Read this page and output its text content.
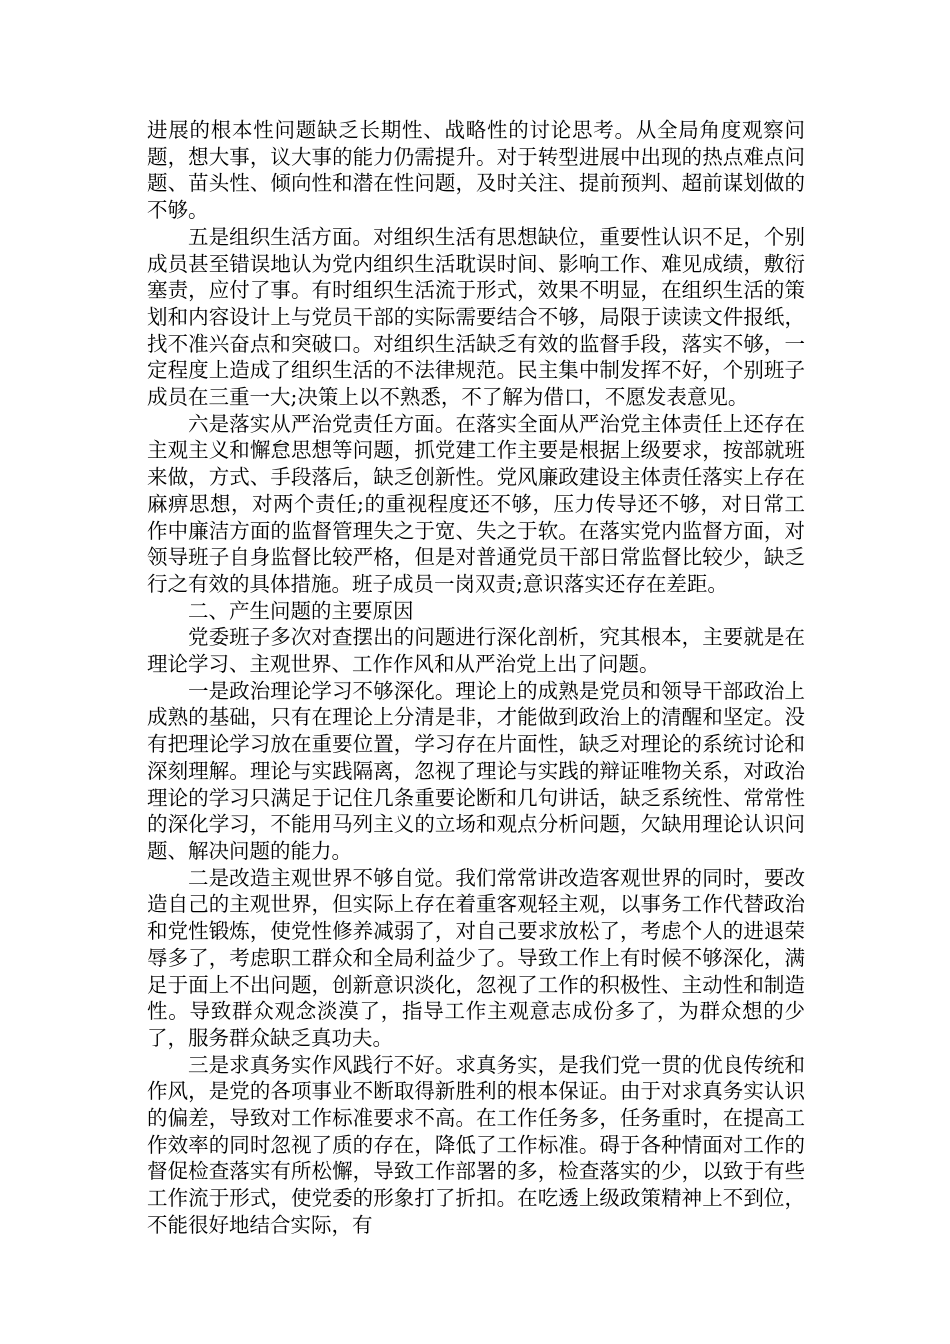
进展的根本性问题缺乏长期性、战略性的讨论思考。从全局角度观察问题，想大事，议大事的能力仍需提升。对于转型进展中出现的热点难点问题、苗头性、倾向性和潜在性问题，及时关注、提前预判、超前谋划做的不够。

五是组织生活方面。对组织生活有思想缺位，重要性认识不足，个别成员甚至错误地认为党内组织生活耽误时间、影响工作、难见成绩，敷衍塞责，应付了事。有时组织生活流于形式，效果不明显，在组织生活的策划和内容设计上与党员干部的实际需要结合不够，局限于读读文件报纸，找不准兴奋点和突破口。对组织生活缺乏有效的监督手段，落实不够，一定程度上造成了组织生活的不法律规范。民主集中制发挥不好，个别班子成员在三重一大;决策上以不熟悉，不了解为借口，不愿发表意见。

六是落实从严治党责任方面。在落实全面从严治党主体责任上还存在主观主义和懈怠思想等问题，抓党建工作主要是根据上级要求，按部就班来做，方式、手段落后，缺乏创新性。党风廉政建设主体责任落实上存在麻痹思想，对两个责任;的重视程度还不够，压力传导还不够，对日常工作中廉洁方面的监督管理失之于宽、失之于软。在落实党内监督方面，对领导班子自身监督比较严格，但是对普通党员干部日常监督比较少，缺乏行之有效的具体措施。班子成员一岗双责;意识落实还存在差距。

二、产生问题的主要原因

党委班子多次对查摆出的问题进行深化剖析，究其根本，主要就是在理论学习、主观世界、工作作风和从严治党上出了问题。

一是政治理论学习不够深化。理论上的成熟是党员和领导干部政治上成熟的基础，只有在理论上分清是非，才能做到政治上的清醒和坚定。没有把理论学习放在重要位置，学习存在片面性，缺乏对理论的系统讨论和深刻理解。理论与实践隔离，忽视了理论与实践的辩证唯物关系，对政治理论的学习只满足于记住几条重要论断和几句讲话，缺乏系统性、常常性的深化学习，不能用马列主义的立场和观点分析问题，欠缺用理论认识问题、解决问题的能力。

二是改造主观世界不够自觉。我们常常讲改造客观世界的同时，要改造自己的主观世界，但实际上存在着重客观轻主观，以事务工作代替政治和党性锻炼，使党性修养减弱了，对自己要求放松了，考虑个人的进退荣辱多了，考虑职工群众和全局利益少了。导致工作上有时候不够深化，满足于面上不出问题，创新意识淡化，忽视了工作的积极性、主动性和制造性。导致群众观念淡漠了，指导工作主观意志成份多了，为群众想的少了，服务群众缺乏真功夫。

三是求真务实作风践行不好。求真务实，是我们党一贯的优良传统和作风，是党的各项事业不断取得新胜利的根本保证。由于对求真务实认识的偏差，导致对工作标准要求不高。在工作任务多，任务重时，在提高工作效率的同时忽视了质的存在，降低了工作标准。碍于各种情面对工作的督促检查落实有所松懈，导致工作部署的多，检查落实的少，以致于有些工作流于形式，使党委的形象打了折扣。在吃透上级政策精神上不到位，不能很好地结合实际，有
